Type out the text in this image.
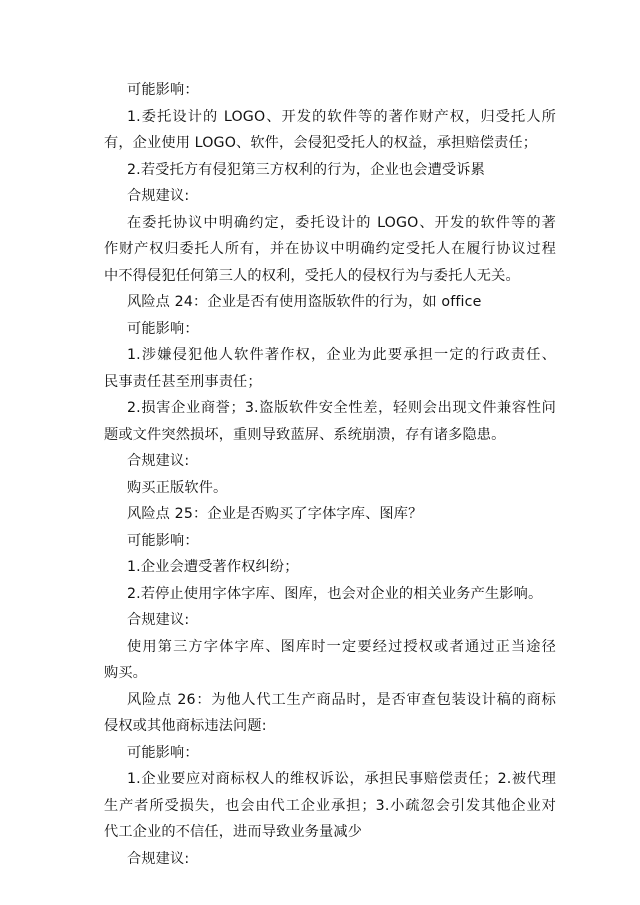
可能影响：
1.委托设计的 LOGO、开发的软件等的著作财产权，归受托人所
有，企业使用 LOGO、软件，会侵犯受托人的权益，承担赔偿责任；
2.若受托方有侵犯第三方权利的行为，企业也会遭受诉累
合规建议:
在委托协议中明确约定，委托设计的 LOGO、开发的软件等的著
作财产权归委托人所有，并在协议中明确约定受托人在履行协议过程
中不得侵犯任何第三人的权利，受托人的侵权行为与委托人无关。
风险点 24：企业是否有使用盗版软件的行为，如 office
可能影响：
1.涉嫌侵犯他人软件著作权，企业为此要承担一定的行政责任、
民事责任甚至刑事责任；
2.损害企业商誉；3.盗版软件安全性差，轻则会出现文件兼容性问
题或文件突然损坏，重则导致蓝屏、系统崩溃，存有诸多隐患。
合规建议:
购买正版软件。
风险点 25：企业是否购买了字体字库、图库？
可能影响：
1.企业会遭受著作权纠纷；
2.若停止使用字体字库、图库，也会对企业的相关业务产生影响。
合规建议:
使用第三方字体字库、图库时一定要经过授权或者通过正当途径
购买。
风险点 26：为他人代工生产商品时，是否审查包装设计稿的商标
侵权或其他商标违法问题:
可能影响：
1.企业要应对商标权人的维权诉讼，承担民事赔偿责任；2.被代理
生产者所受损失，也会由代工企业承担；3.小疏忽会引发其他企业对
代工企业的不信任，进而导致业务量减少
合规建议:
